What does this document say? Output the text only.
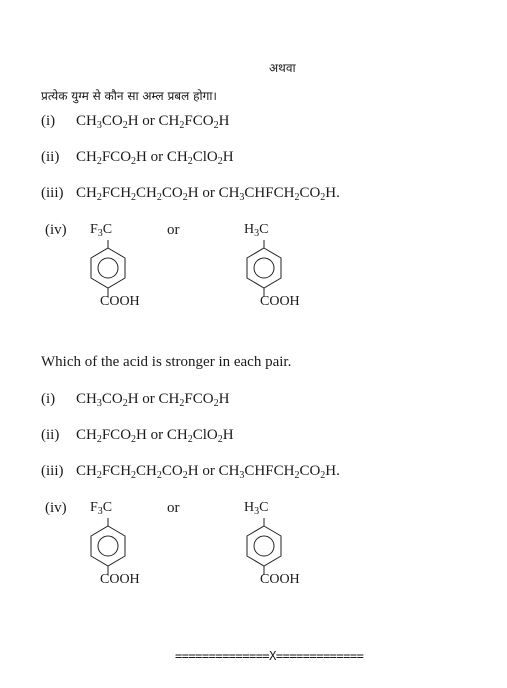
अथवा
प्रत्येक युग्म से कौन सा अम्ल प्रबल होगा।
(i) $CH_3CO_2H$ or $CH_2FCO_2H$
(ii) $CH_2FCO_2H$ or $CH_2ClO_2H$
(iii) $CH_2FCH_2CH_2CO_2H$ or $CH_3CHFCH_2CO_2H$.
(iv)	or
$F_3C$
COOH
$H_3C$
COOH
Which of the acid is stronger in each pair.
(i) $CH_3CO_2H$ or $CH_2FCO_2H$
(ii) $CH_2FCO_2H$ or $CH_2ClO_2H$
(iii) $CH_2FCH_2CH_2CO_2H$ or $CH_3CHFCH_2CO_2H$.
(iv)	or
$F_3C$
COOH
$H_3C$
COOH
==============X=============
